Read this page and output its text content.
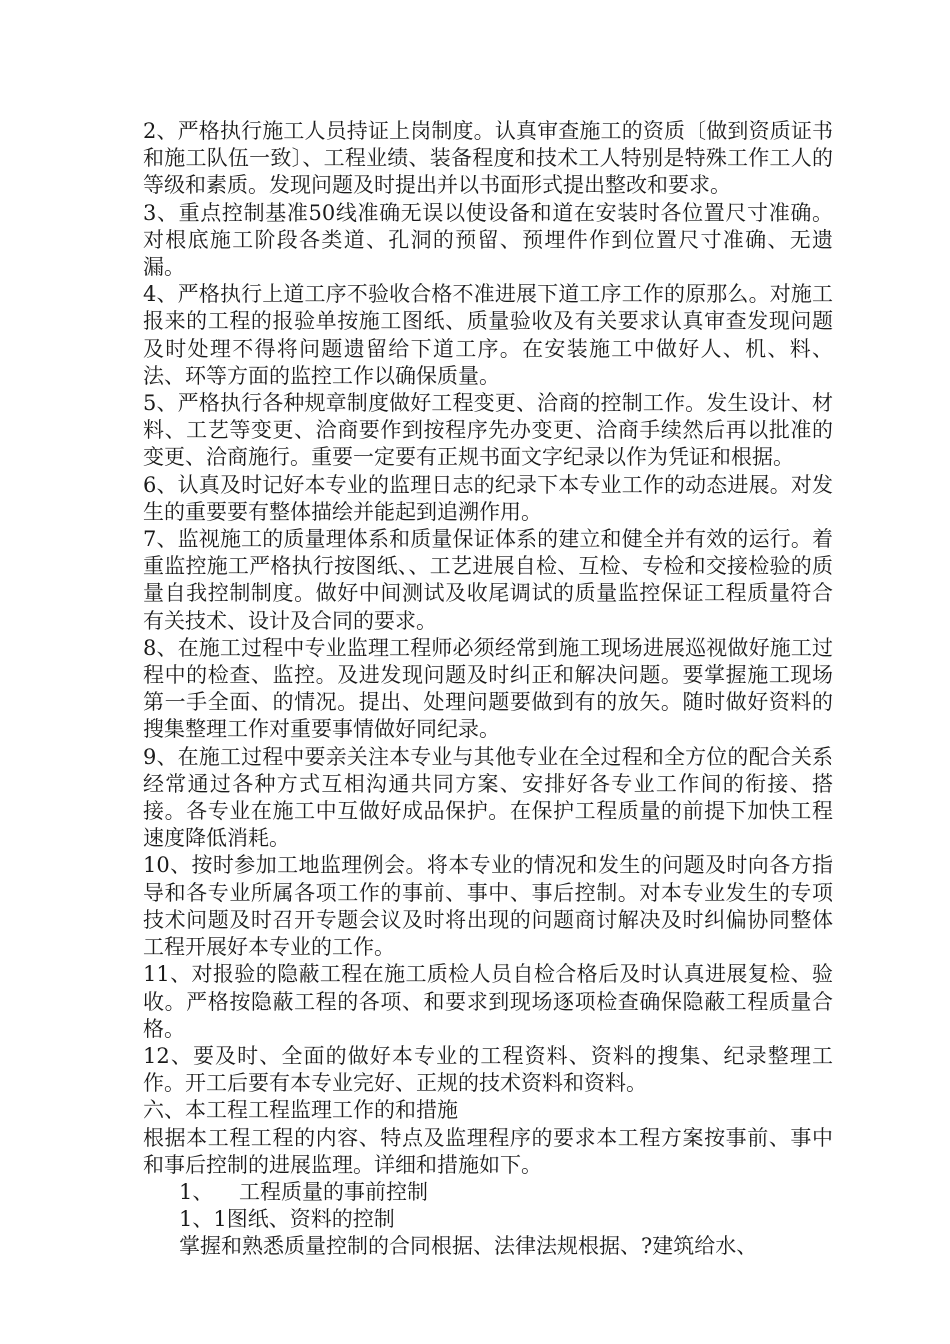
2、严格执行施工人员持证上岗制度。认真审查施工的资质〔做到资质证书和施工队伍一致〕、工程业绩、装备程度和技术工人特别是特殊工作工人的等级和素质。发现问题及时提出并以书面形式提出整改和要求。

3、重点控制基准50线准确无误以使设备和道在安装时各位置尺寸准确。对根底施工阶段各类道、孔洞的预留、预埋件作到位置尺寸准确、无遗漏。

4、严格执行上道工序不验收合格不准进展下道工序工作的原那么。对施工报来的工程的报验单按施工图纸、质量验收及有关要求认真审查发现问题及时处理不得将问题遗留给下道工序。在安装施工中做好人、机、料、法、环等方面的监控工作以确保质量。

5、严格执行各种规章制度做好工程变更、洽商的控制工作。发生设计、材料、工艺等变更、洽商要作到按程序先办变更、洽商手续然后再以批准的变更、洽商施行。重要一定要有正规书面文字纪录以作为凭证和根据。

6、认真及时记好本专业的监理日志的纪录下本专业工作的动态进展。对发生的重要要有整体描绘并能起到追溯作用。

7、监视施工的质量理体系和质量保证体系的建立和健全并有效的运行。着重监控施工严格执行按图纸、、工艺进展自检、互检、专检和交接检验的质量自我控制制度。做好中间测试及收尾调试的质量监控保证工程质量符合有关技术、设计及合同的要求。

8、在施工过程中专业监理工程师必须经常到施工现场进展巡视做好施工过程中的检查、监控。及进发现问题及时纠正和解决问题。要掌握施工现场第一手全面、的情况。提出、处理问题要做到有的放矢。随时做好资料的搜集整理工作对重要事情做好同纪录。

9、在施工过程中要亲关注本专业与其他专业在全过程和全方位的配合关系经常通过各种方式互相沟通共同方案、安排好各专业工作间的衔接、搭接。各专业在施工中互做好成品保护。在保护工程质量的前提下加快工程速度降低消耗。

10、按时参加工地监理例会。将本专业的情况和发生的问题及时向各方指导和各专业所属各项工作的事前、事中、事后控制。对本专业发生的专项技术问题及时召开专题会议及时将出现的问题商讨解决及时纠偏协同整体工程开展好本专业的工作。

11、对报验的隐蔽工程在施工质检人员自检合格后及时认真进展复检、验收。严格按隐蔽工程的各项、和要求到现场逐项检查确保隐蔽工程质量合格。

12、要及时、全面的做好本专业的工程资料、资料的搜集、纪录整理工作。开工后要有本专业完好、正规的技术资料和资料。

六、本工程工程监理工作的和措施

根据本工程工程的内容、特点及监理程序的要求本工程方案按事前、事中和事后控制的进展监理。详细和措施如下。

1、 工程质量的事前控制

1、1图纸、资料的控制

掌握和熟悉质量控制的合同根据、法律法规根据、?建筑给水、
